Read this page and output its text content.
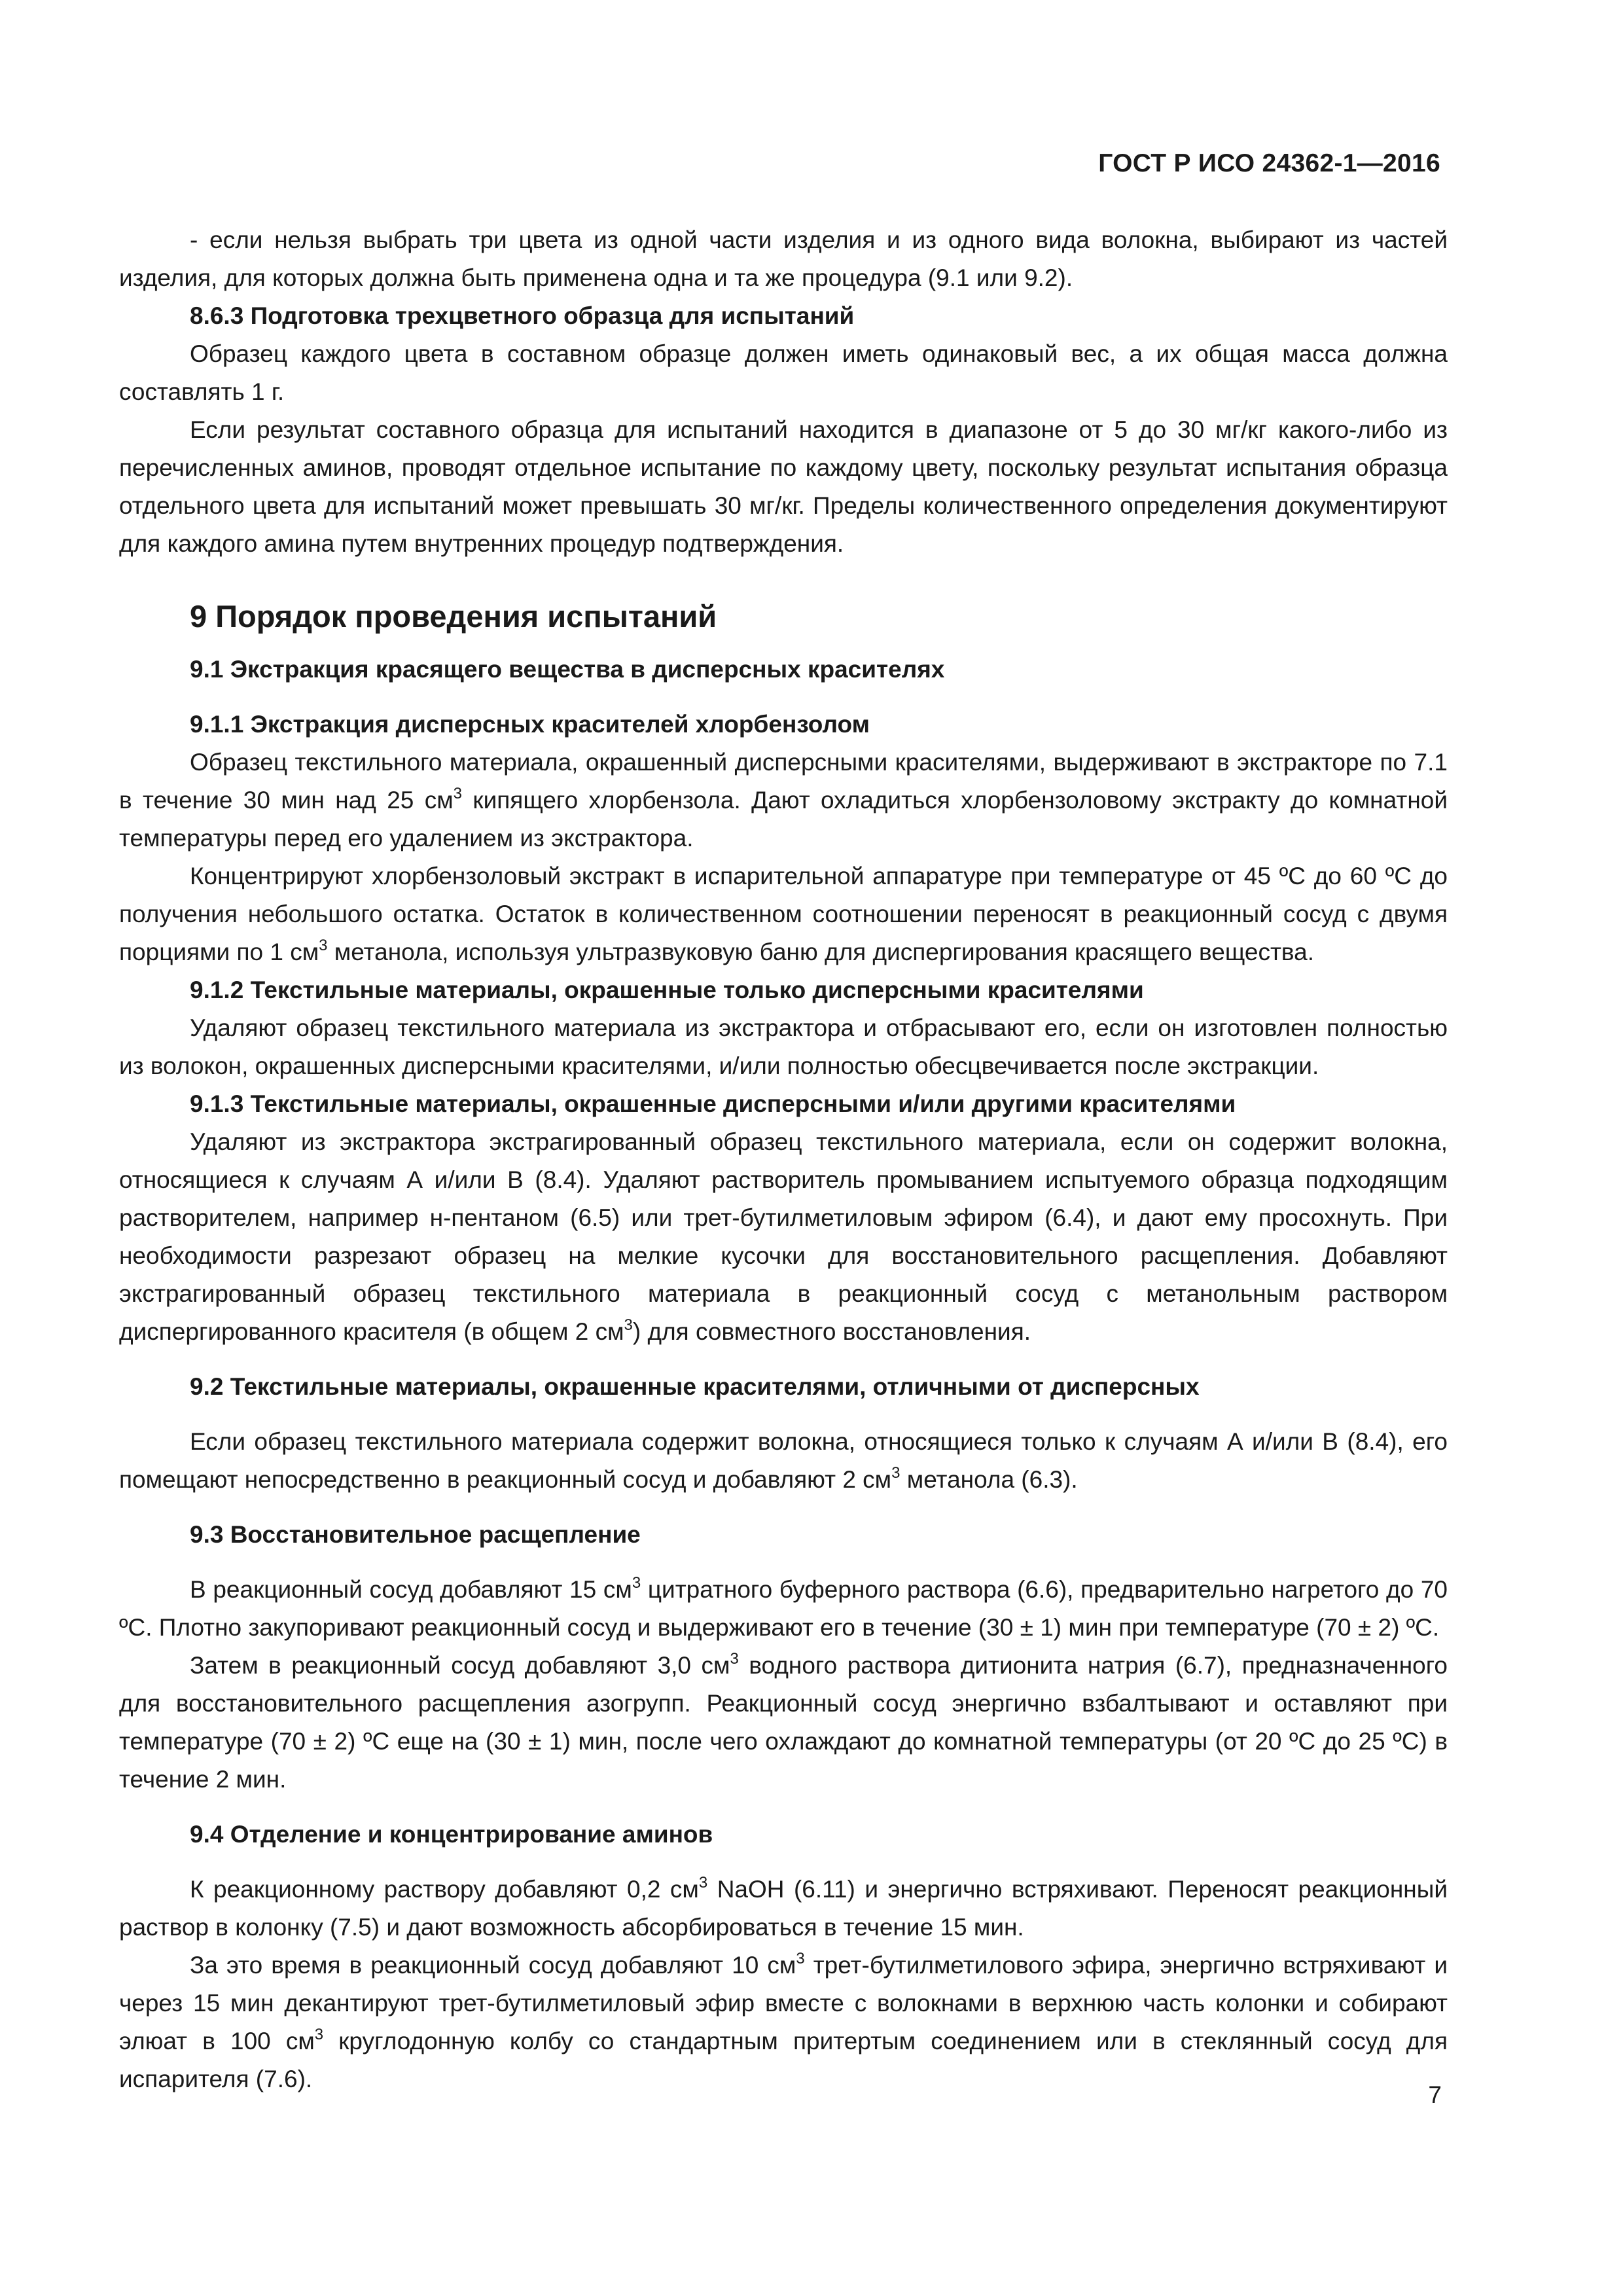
ГОСТ Р ИСО 24362-1—2016

- если нельзя выбрать три цвета из одной части изделия и из одного вида волокна, выбирают из частей изделия, для которых должна быть применена одна и та же процедура (9.1 или 9.2).

8.6.3 Подготовка трехцветного образца для испытаний

Образец каждого цвета в составном образце должен иметь одинаковый вес, а их общая масса должна составлять 1 г.

Если результат составного образца для испытаний находится в диапазоне от 5 до 30 мг/кг какого-либо из перечисленных аминов, проводят отдельное испытание по каждому цвету, поскольку результат испытания образца отдельного цвета для испытаний может превышать 30 мг/кг. Пределы количественного определения документируют для каждого амина путем внутренних процедур подтверждения.

9 Порядок проведения испытаний

9.1 Экстракция красящего вещества в дисперсных красителях

9.1.1 Экстракция дисперсных красителей хлорбензолом

Образец текстильного материала, окрашенный дисперсными красителями, выдерживают в экстракторе по 7.1 в течение 30 мин над 25 $см^3$ кипящего хлорбензола. Дают охладиться хлорбензоловому экстракту до комнатной температуры перед его удалением из экстрактора.

Концентрируют хлорбензоловый экстракт в испарительной аппаратуре при температуре от 45 ºС до 60 ºС до получения небольшого остатка. Остаток в количественном соотношении переносят в реакционный сосуд с двумя порциями по 1 $см^3$ метанола, используя ультразвуковую баню для диспергирования красящего вещества.

9.1.2 Текстильные материалы, окрашенные только дисперсными красителями

Удаляют образец текстильного материала из экстрактора и отбрасывают его, если он изготовлен полностью из волокон, окрашенных дисперсными красителями, и/или полностью обесцвечивается после экстракции.

9.1.3 Текстильные материалы, окрашенные дисперсными и/или другими красителями

Удаляют из экстрактора экстрагированный образец текстильного материала, если он содержит волокна, относящиеся к случаям А и/или В (8.4). Удаляют растворитель промыванием испытуемого образца подходящим растворителем, например н-пентаном (6.5) или трет-бутилметиловым эфиром (6.4), и дают ему просохнуть. При необходимости разрезают образец на мелкие кусочки для восстановительного расщепления. Добавляют экстрагированный образец текстильного материала в реакционный сосуд с метанольным раствором диспергированного красителя (в общем 2 $см^3$) для совместного восстановления.

9.2 Текстильные материалы, окрашенные красителями, отличными от дисперсных

Если образец текстильного материала содержит волокна, относящиеся только к случаям А и/или В (8.4), его помещают непосредственно в реакционный сосуд и добавляют 2 $см^3$ метанола (6.3).

9.3 Восстановительное расщепление

В реакционный сосуд добавляют 15 $см^3$ цитратного буферного раствора (6.6), предварительно нагретого до 70 ºС. Плотно закупоривают реакционный сосуд и выдерживают его в течение (30 ± 1) мин при температуре (70 ± 2) ºС.

Затем в реакционный сосуд добавляют 3,0 $см^3$ водного раствора дитионита натрия (6.7), предназначенного для восстановительного расщепления азогрупп. Реакционный сосуд энергично взбалтывают и оставляют при температуре (70 ± 2) ºС еще на (30 ± 1) мин, после чего охлаждают до комнатной температуры (от 20 ºС до 25 ºС) в течение 2 мин.

9.4 Отделение и концентрирование аминов

К реакционному раствору добавляют 0,2 $см^3$ NaOH (6.11) и энергично встряхивают. Переносят реакционный раствор в колонку (7.5) и дают возможность абсорбироваться в течение 15 мин.

За это время в реакционный сосуд добавляют 10 $см^3$ трет-бутилметилового эфира, энергично встряхивают и через 15 мин декантируют трет-бутилметиловый эфир вместе с волокнами в верхнюю часть колонки и собирают элюат в 100 $см^3$ круглодонную колбу со стандартным притертым соединением или в стеклянный сосуд для испарителя (7.6).

7
